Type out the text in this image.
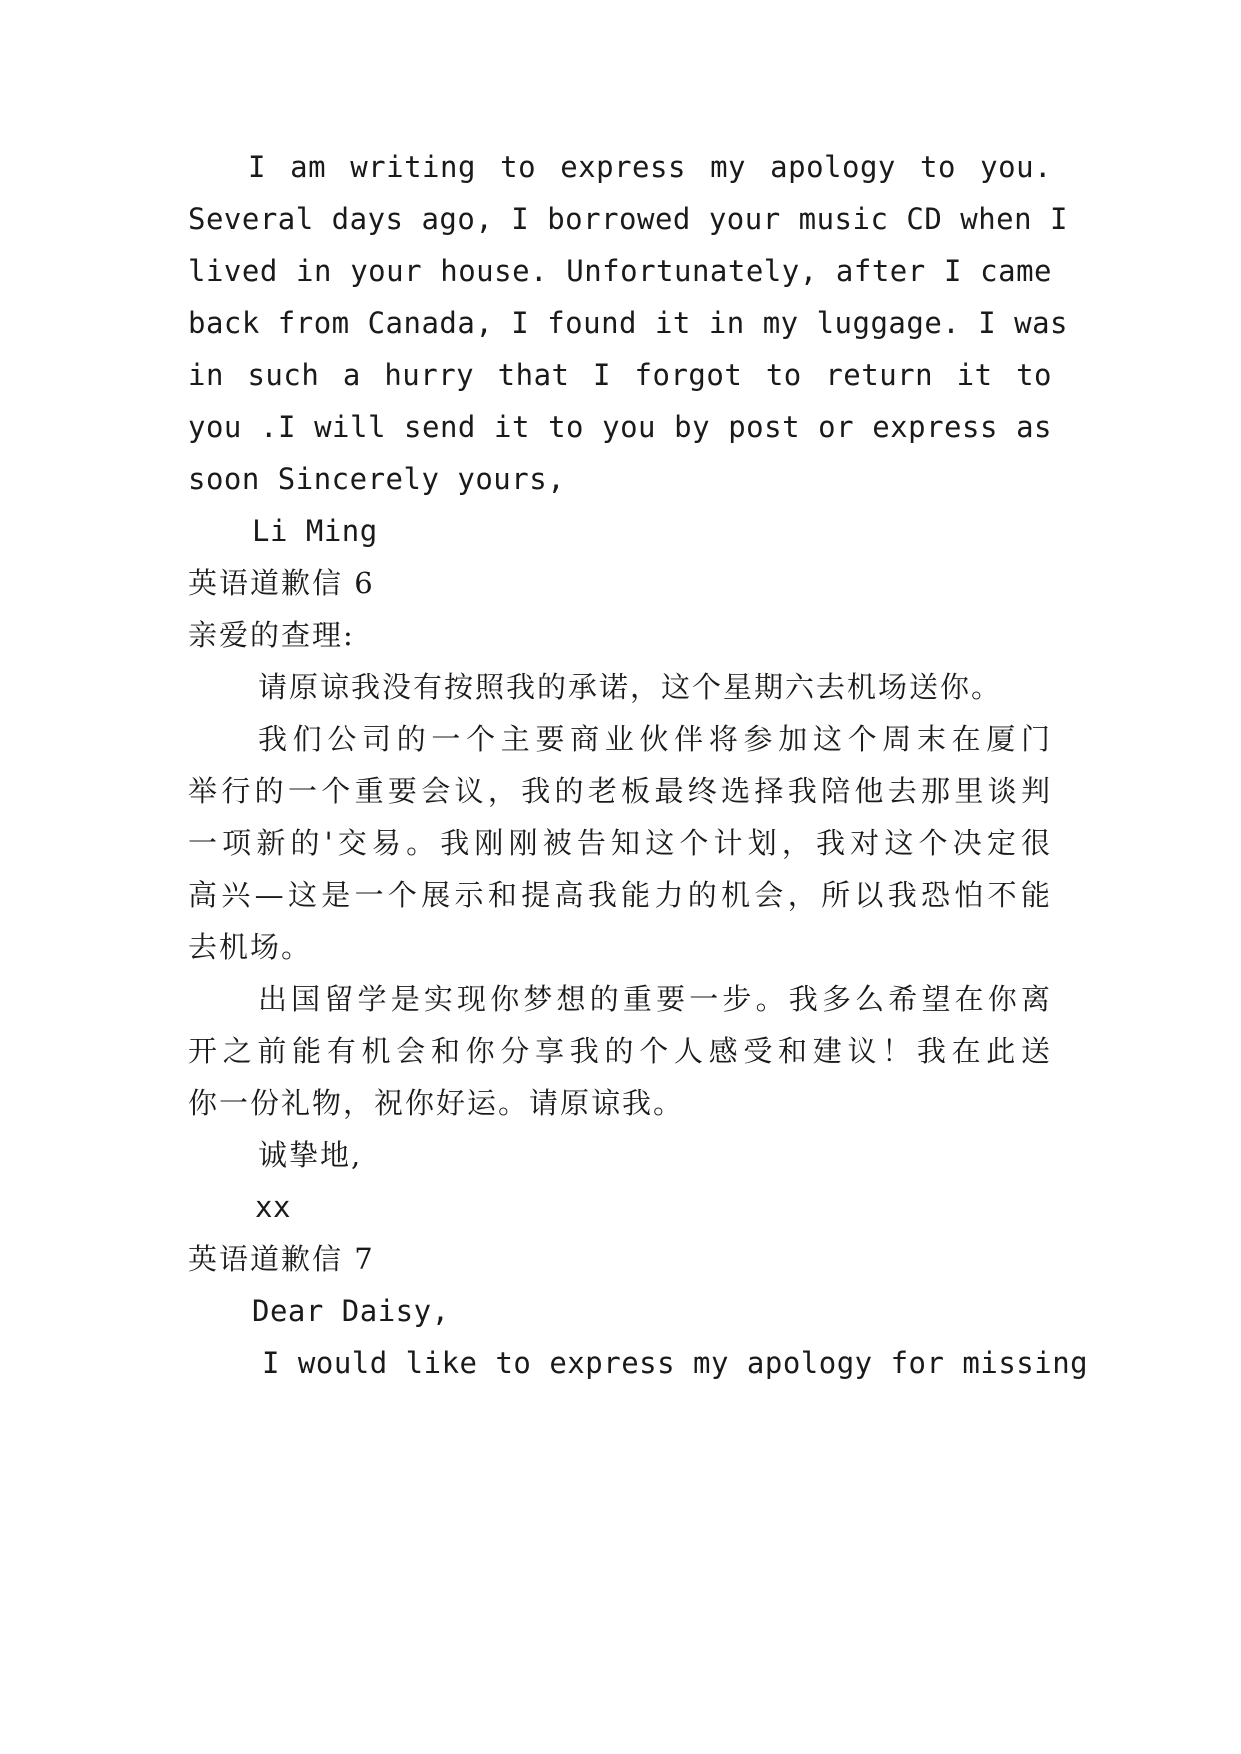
I am writing to express my apology to you.
Several days ago, I borrowed your music CD when I
lived in your house. Unfortunately, after I came
back from Canada, I found it in my luggage. I was
in such a hurry that I forgot to return it to
you .I will send it to you by post or express as
soon Sincerely yours,
Li Ming
英语道歉信 6
亲爱的查理:
请原谅我没有按照我的承诺，这个星期六去机场送你。
我们公司的一个主要商业伙伴将参加这个周末在厦门
举行的一个重要会议，我的老板最终选择我陪他去那里谈判
一项新的'交易。我刚刚被告知这个计划，我对这个决定很
高兴—这是一个展示和提高我能力的机会，所以我恐怕不能
去机场。
出国留学是实现你梦想的重要一步。我多么希望在你离
开之前能有机会和你分享我的个人感受和建议！我在此送
你一份礼物，祝你好运。请原谅我。
诚挚地,
xx
英语道歉信 7
Dear Daisy,
I would like to express my apology for missing
